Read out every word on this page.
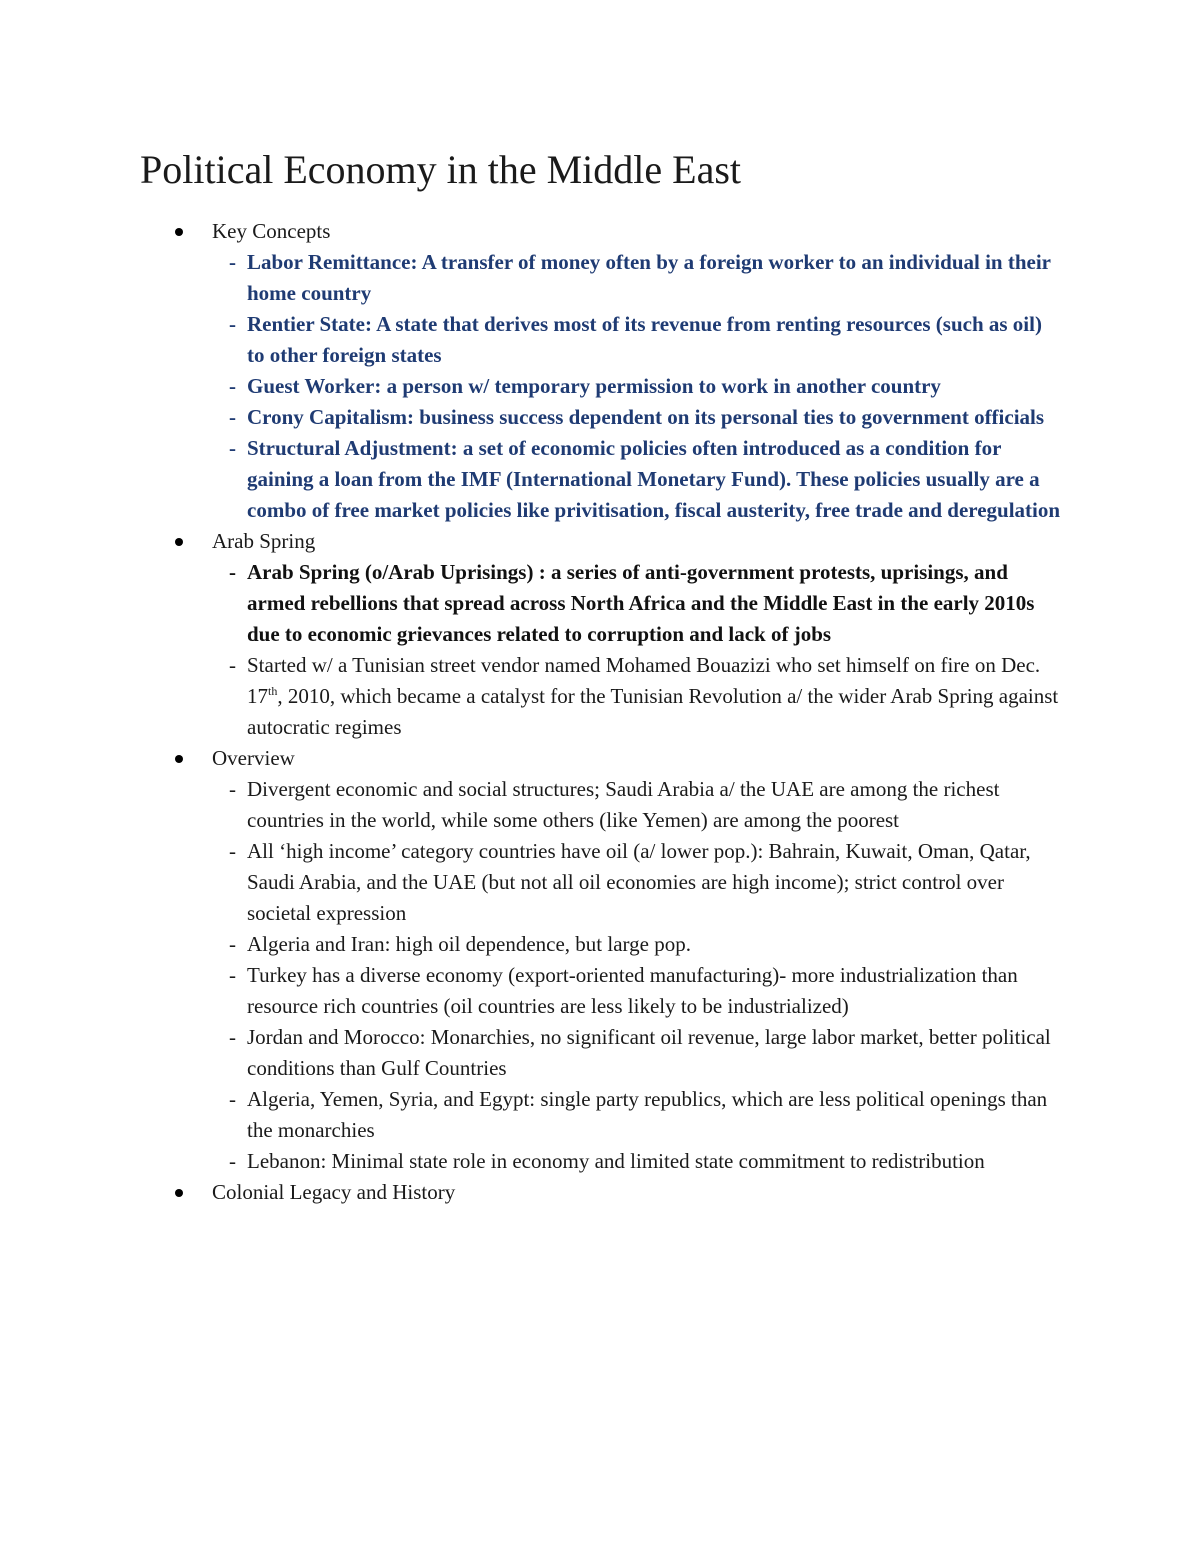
Political Economy in the Middle East
Key Concepts
- Labor Remittance: A transfer of money often by a foreign worker to an individual in their home country
- Rentier State: A state that derives most of its revenue from renting resources (such as oil) to other foreign states
- Guest Worker: a person w/ temporary permission to work in another country
- Crony Capitalism: business success dependent on its personal ties to government officials
- Structural Adjustment: a set of economic policies often introduced as a condition for gaining a loan from the IMF (International Monetary Fund). These policies usually are a combo of free market policies like privitisation, fiscal austerity, free trade and deregulation
Arab Spring
- Arab Spring (o/Arab Uprisings) : a series of anti-government protests, uprisings, and armed rebellions that spread across North Africa and the Middle East in the early 2010s due to economic grievances related to corruption and lack of jobs
- Started w/ a Tunisian street vendor named Mohamed Bouazizi who set himself on fire on Dec. 17th, 2010, which became a catalyst for the Tunisian Revolution a/ the wider Arab Spring against autocratic regimes
Overview
- Divergent economic and social structures; Saudi Arabia a/ the UAE are among the richest countries in the world, while some others (like Yemen) are among the poorest
- All ‘high income’ category countries have oil (a/ lower pop.): Bahrain, Kuwait, Oman, Qatar, Saudi Arabia, and the UAE (but not all oil economies are high income); strict control over societal expression
- Algeria and Iran: high oil dependence, but large pop.
- Turkey has a diverse economy (export-oriented manufacturing)- more industrialization than resource rich countries (oil countries are less likely to be industrialized)
- Jordan and Morocco: Monarchies, no significant oil revenue, large labor market, better political conditions than Gulf Countries
- Algeria, Yemen, Syria, and Egypt: single party republics, which are less political openings than the monarchies
- Lebanon: Minimal state role in economy and limited state commitment to redistribution
Colonial Legacy and History
